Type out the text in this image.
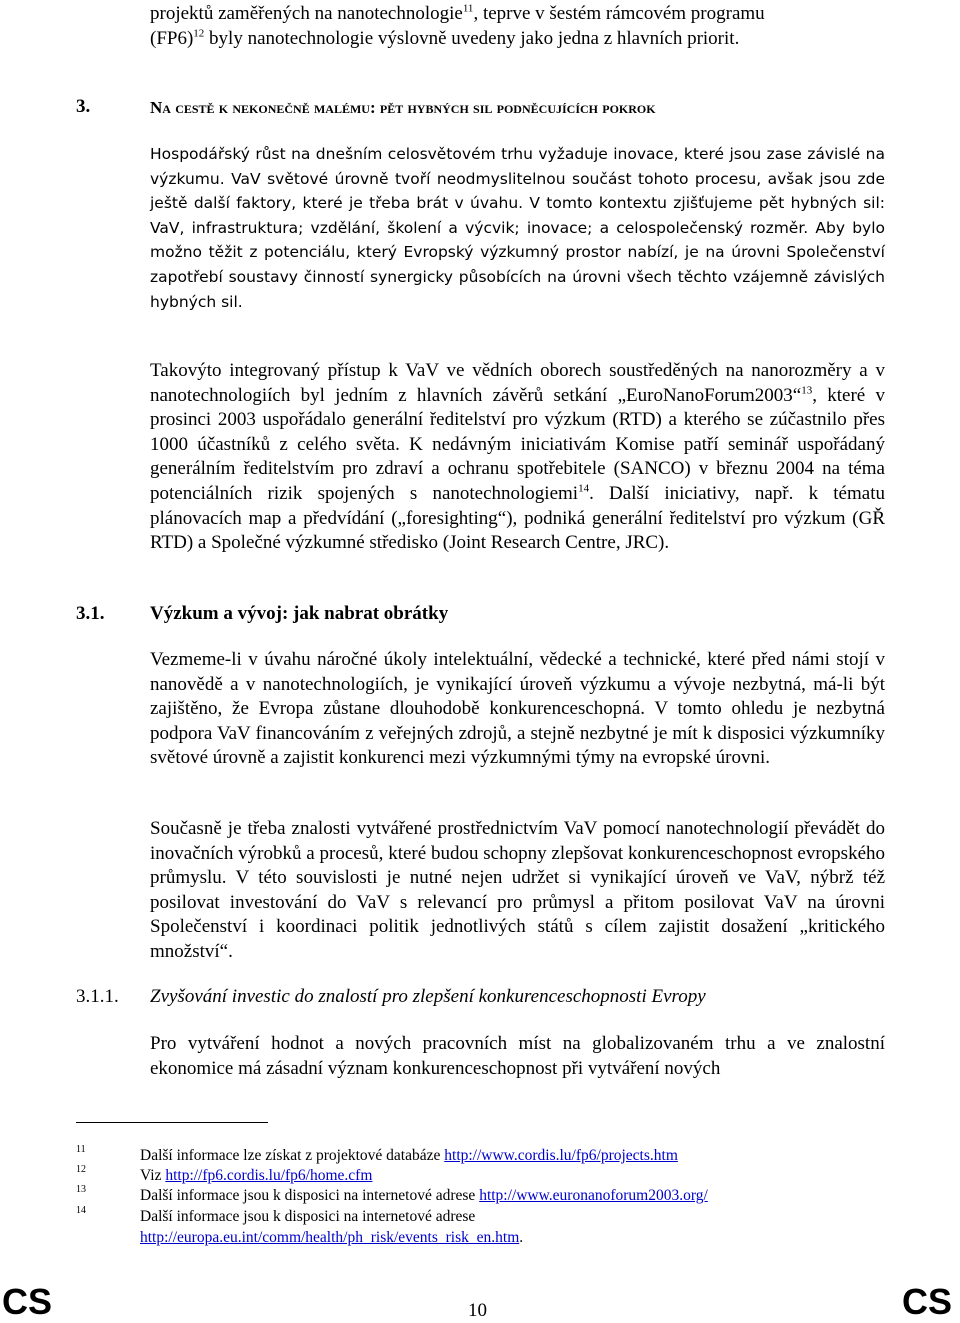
projektů zaměřených na nanotechnologie$^{11}$, teprve v šestém rámcovém programu
$(FP6)^{12}$ byly nanotechnologie výslovně uvedeny jako jedna z hlavních priorit.
3.	Na cestě k nekonečně malému: pět hybných sil podněcujících pokrok
Hospodářský růst na dnešním celosvětovém trhu vyžaduje inovace, které jsou zase závislé na výzkumu. VaV světové úrovně tvoří neodmyslitelnou součást tohoto procesu, avšak jsou zde ještě další faktory, které je třeba brát v úvahu. V tomto kontextu zjišťujeme pět hybných sil: VaV, infrastruktura; vzdělání, školení a výcvik; inovace; a celospolečenský rozměr. Aby bylo možno těžit z potenciálu, který Evropský výzkumný prostor nabízí, je na úrovni Společenství zapotřebí soustavy činností synergicky působících na úrovni všech těchto vzájemně závislých hybných sil.
Takovýto integrovaný přístup k VaV ve vědních oborech soustředěných na nanorozměry a v nanotechnologiích byl jedním z hlavních závěrů setkání „EuroNanoForum2003“$^{13}$, které v prosinci 2003 uspořádalo generální ředitelství pro výzkum (RTD) a kterého se zúčastnilo přes 1000 účastníků z celého světa. K nedávným iniciativám Komise patří seminář uspořádaný generálním ředitelstvím pro zdraví a ochranu spotřebitele (SANCO) v březnu 2004 na téma potenciálních rizik spojených s nanotechnologiemi$^{14}$. Další iniciativy, např. k tématu plánovacích map a předvídání („foresighting“), podniká generální ředitelství pro výzkum (GŘ RTD) a Společné výzkumné středisko (Joint Research Centre, JRC).
3.1. Výzkum a vývoj: jak nabrat obrátky
Vezmeme-li v úvahu náročné úkoly intelektuální, vědecké a technické, které před námi stojí v nanovědě a v nanotechnologiích, je vynikající úroveň výzkumu a vývoje nezbytná, má-li být zajištěno, že Evropa zůstane dlouhodobě konkurenceschopná. V tomto ohledu je nezbytná podpora VaV financováním z veřejných zdrojů, a stejně nezbytné je mít k disposici výzkumníky světové úrovně a zajistit konkurenci mezi výzkumnými týmy na evropské úrovni.
Současně je třeba znalosti vytvářené prostřednictvím VaV pomocí nanotechnologií převádět do inovačních výrobků a procesů, které budou schopny zlepšovat konkurenceschopnost evropského průmyslu. V této souvislosti je nutné nejen udržet si vynikající úroveň ve VaV, nýbrž též posilovat investování do VaV s relevancí pro průmysl a přitom posilovat VaV na úrovni Společenství i koordinaci politik jednotlivých států s cílem zajistit dosažení „kritického množství“.
3.1.1. Zvyšování investic do znalostí pro zlepšení konkurenceschopnosti Evropy
Pro vytváření hodnot a nových pracovních míst na globalizovaném trhu a ve znalostní ekonomice má zásadní význam konkurenceschopnost při vytváření nových
11	Další informace lze získat z projektové databáze http://www.cordis.lu/fp6/projects.htm
12	Viz http://fp6.cordis.lu/fp6/home.cfm
13	Další informace jsou k disposici na internetové adrese http://www.euronanoforum2003.org/
14	Další informace jsou k disposici na internetové adrese
http://europa.eu.int/comm/health/ph_risk/events_risk_en.htm.
CS	10	CS
